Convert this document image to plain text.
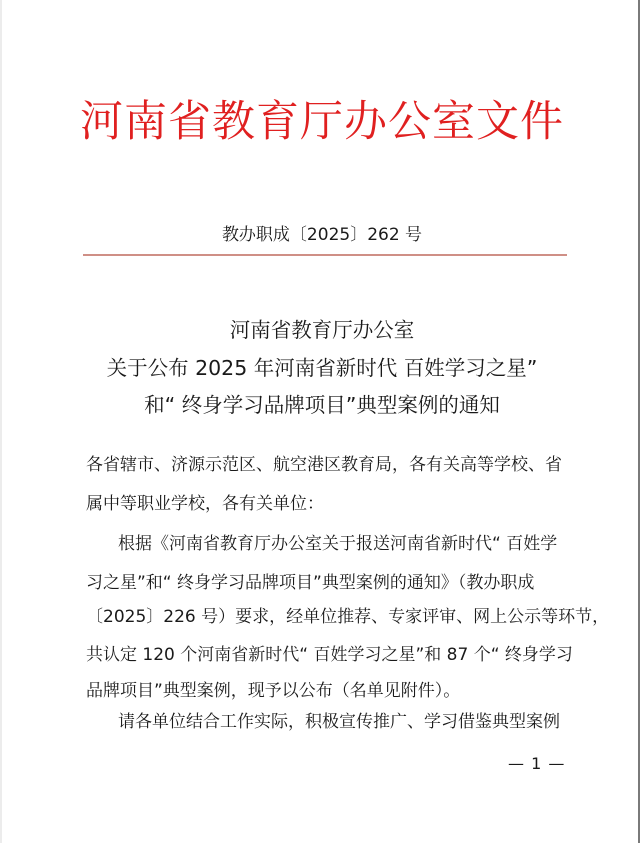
河南省教育厅办公室文件
教办职成〔2025〕262 号
河南省教育厅办公室
关于公布 2025 年河南省新时代 百姓学习之星”
和“ 终身学习品牌项目”典型案例的通知
各省辖市、济源示范区、航空港区教育局，各有关高等学校、省
属中等职业学校，各有关单位：
根据《河南省教育厅办公室关于报送河南省新时代“ 百姓学
习之星”和“ 终身学习品牌项目”典型案例的通知》（教办职成
〔2025〕226 号）要求，经单位推荐、专家评审、网上公示等环节，
共认定 120 个河南省新时代“ 百姓学习之星”和 87 个“ 终身学习
品牌项目”典型案例，现予以公布（名单见附件）。
请各单位结合工作实际，积极宣传推广、学习借鉴典型案例
— 1 —
